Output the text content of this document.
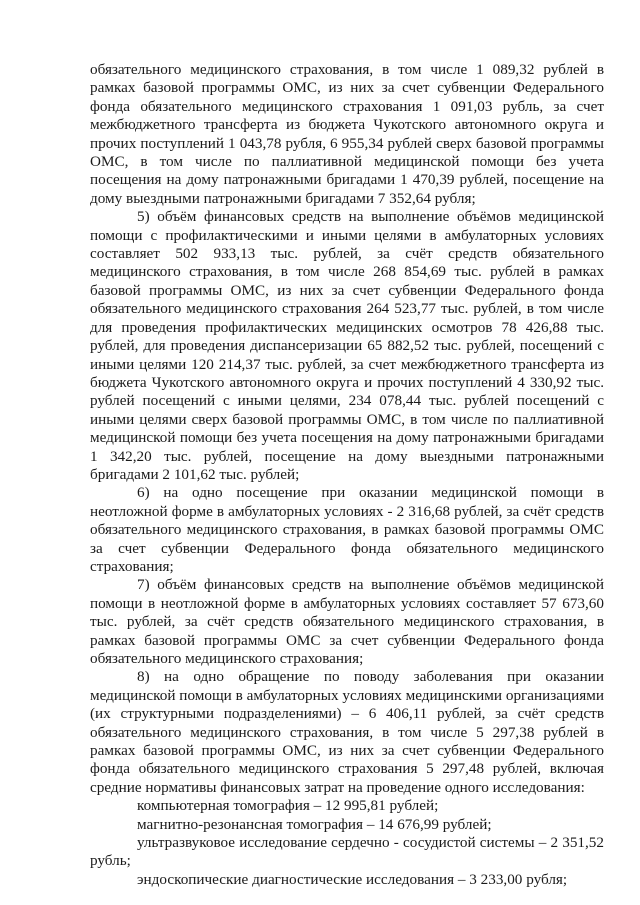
обязательного медицинского страхования, в том числе 1 089,32 рублей в рамках базовой программы ОМС, из них за счет субвенции Федерального фонда обязательного медицинского страхования 1 091,03 рубль, за счет межбюджетного трансферта из бюджета Чукотского автономного округа и прочих поступлений 1 043,78 рубля, 6 955,34 рублей сверх базовой программы ОМС, в том числе по паллиативной медицинской помощи без учета посещения на дому патронажными бригадами 1 470,39 рублей, посещение на дому выездными патронажными бригадами 7 352,64 рубля;

5) объём финансовых средств на выполнение объёмов медицинской помощи с профилактическими и иными целями в амбулаторных условиях составляет 502 933,13 тыс. рублей, за счёт средств обязательного медицинского страхования, в том числе 268 854,69 тыс. рублей в рамках базовой программы ОМС, из них за счет субвенции Федерального фонда обязательного медицинского страхования 264 523,77 тыс. рублей, в том числе для проведения профилактических медицинских осмотров 78 426,88 тыс. рублей, для проведения диспансеризации 65 882,52 тыс. рублей, посещений с иными целями 120 214,37 тыс. рублей, за счет межбюджетного трансферта из бюджета Чукотского автономного округа и прочих поступлений 4 330,92 тыс. рублей посещений с иными целями, 234 078,44 тыс. рублей посещений с иными целями сверх базовой программы ОМС, в том числе по паллиативной медицинской помощи без учета посещения на дому патронажными бригадами 1 342,20 тыс. рублей, посещение на дому выездными патронажными бригадами 2 101,62 тыс. рублей;

6) на одно посещение при оказании медицинской помощи в неотложной форме в амбулаторных условиях - 2 316,68 рублей, за счёт средств обязательного медицинского страхования, в рамках базовой программы ОМС за счет субвенции Федерального фонда обязательного медицинского страхования;

7) объём финансовых средств на выполнение объёмов медицинской помощи в неотложной форме в амбулаторных условиях составляет 57 673,60 тыс. рублей, за счёт средств обязательного медицинского страхования, в рамках базовой программы ОМС за счет субвенции Федерального фонда обязательного медицинского страхования;

8) на одно обращение по поводу заболевания при оказании медицинской помощи в амбулаторных условиях медицинскими организациями (их структурными подразделениями) – 6 406,11 рублей, за счёт средств обязательного медицинского страхования, в том числе 5 297,38 рублей в рамках базовой программы ОМС, из них за счет субвенции Федерального фонда обязательного медицинского страхования 5 297,48 рублей, включая средние нормативы финансовых затрат на проведение одного исследования:

компьютерная томография – 12 995,81 рублей;

магнитно-резонансная томография – 14 676,99 рублей;

ультразвуковое исследование сердечно - сосудистой системы – 2 351,52 рубль;

эндоскопические диагностические исследования – 3 233,00 рубля;
